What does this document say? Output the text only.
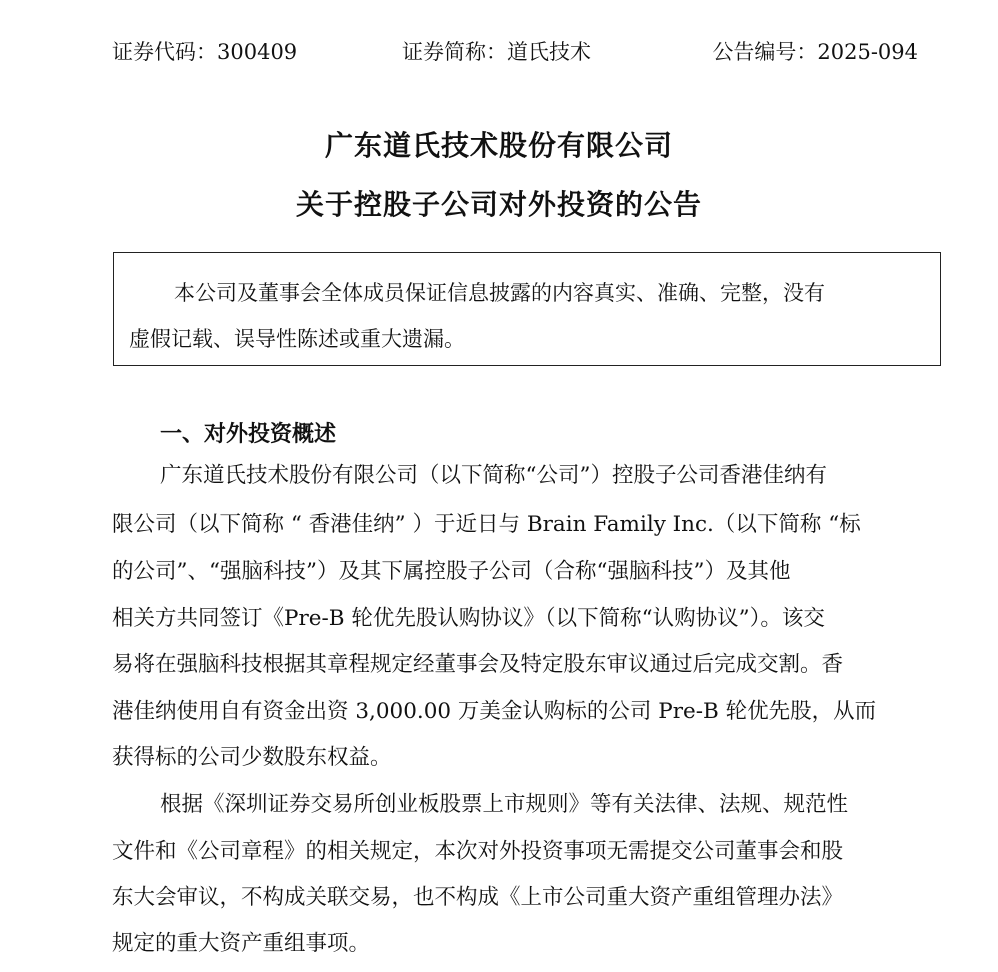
证券代码：300409	证券简称：道氏技术	公告编号：2025-094
广东道氏技术股份有限公司
关于控股子公司对外投资的公告
本公司及董事会全体成员保证信息披露的内容真实、准确、完整，没有
虚假记载、误导性陈述或重大遗漏。
一、对外投资概述
广东道氏技术股份有限公司（以下简称“公司”）控股子公司香港佳纳有
限公司（以下简称 “ 香港佳纳” ）于近日与 Brain Family Inc.（以下简称 “标
的公司”、“强脑科技”）及其下属控股子公司（合称“强脑科技”）及其他
相关方共同签订《Pre-B 轮优先股认购协议》（以下简称“认购协议”）。该交
易将在强脑科技根据其章程规定经董事会及特定股东审议通过后完成交割。香
港佳纳使用自有资金出资 3,000.00 万美金认购标的公司 Pre-B 轮优先股，从而
获得标的公司少数股东权益。
根据《深圳证券交易所创业板股票上市规则》等有关法律、法规、规范性
文件和《公司章程》的相关规定，本次对外投资事项无需提交公司董事会和股
东大会审议，不构成关联交易，也不构成《上市公司重大资产重组管理办法》
规定的重大资产重组事项。
